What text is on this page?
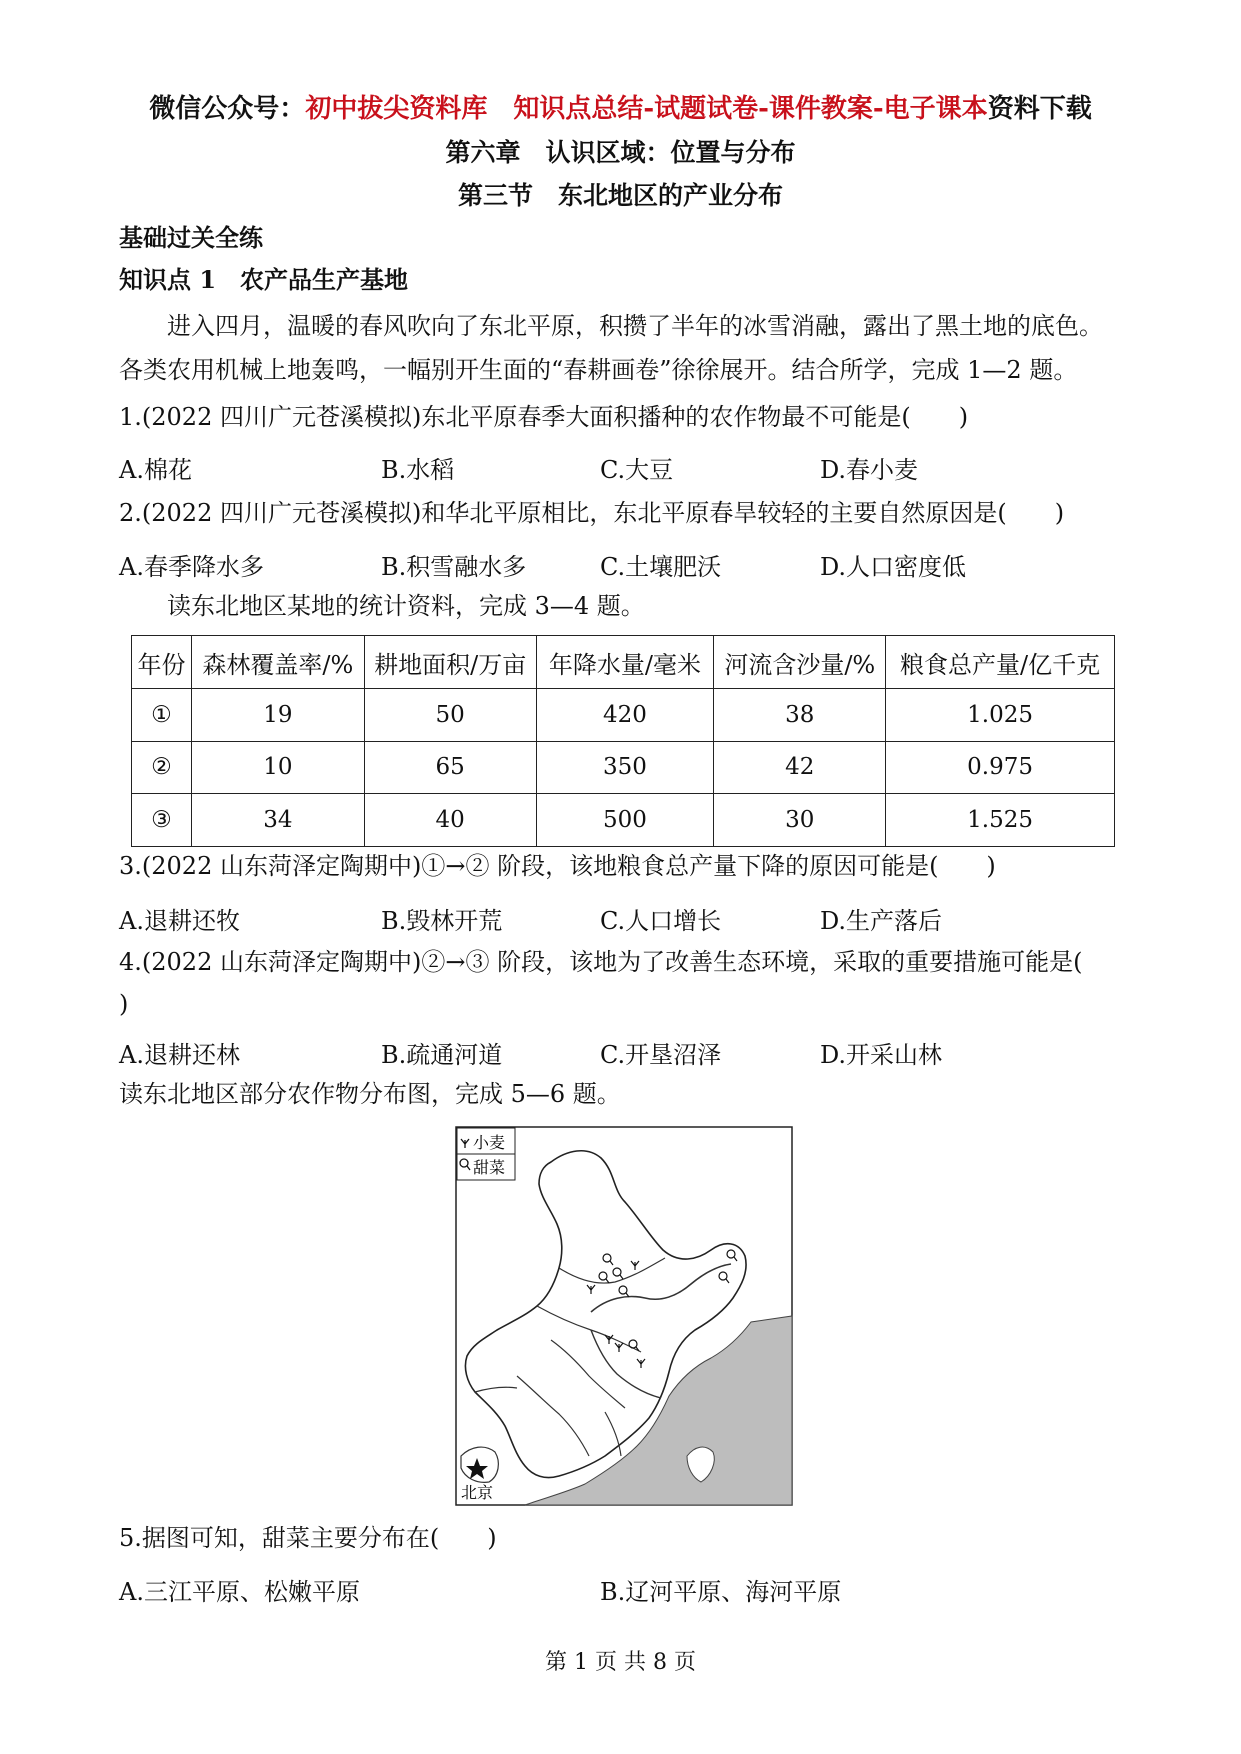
微信公众号：初中拔尖资料库　知识点总结-试题试卷-课件教案-电子课本资料下载
第六章　认识区域：位置与分布
第三节　东北地区的产业分布
基础过关全练
知识点 1　农产品生产基地
进入四月，温暖的春风吹向了东北平原，积攒了半年的冰雪消融，露出了黑土地的底色。
各类农用机械上地轰鸣，一幅别开生面的“春耕画卷”徐徐展开。结合所学，完成 1—2 题。
1.(2022 四川广元苍溪模拟)东北平原春季大面积播种的农作物最不可能是(　　)
A.棉花	B.水稻	C.大豆	D.春小麦
2.(2022 四川广元苍溪模拟)和华北平原相比，东北平原春旱较轻的主要自然原因是(　　)
A.春季降水多	B.积雪融水多	C.土壤肥沃	D.人口密度低
读东北地区某地的统计资料，完成 3—4 题。
年份	森林覆盖率/%	耕地面积/万亩	年降水量/毫米	河流含沙量/%	粮食总产量/亿千克
①	19	50	420	38	1.025
②	10	65	350	42	0.975
③	34	40	500	30	1.525
3.(2022 山东菏泽定陶期中)①→② 阶段，该地粮食总产量下降的原因可能是(　　)
A.退耕还牧	B.毁林开荒	C.人口增长	D.生产落后
4.(2022 山东菏泽定陶期中)②→③ 阶段，该地为了改善生态环境，采取的重要措施可能是(
)
A.退耕还林	B.疏通河道	C.开垦沼泽	D.开采山林
读东北地区部分农作物分布图，完成 5—6 题。
北京
小麦
甜菜
5.据图可知，甜菜主要分布在(　　)
A.三江平原、松嫩平原	B.辽河平原、海河平原
第 1 页 共 8 页
